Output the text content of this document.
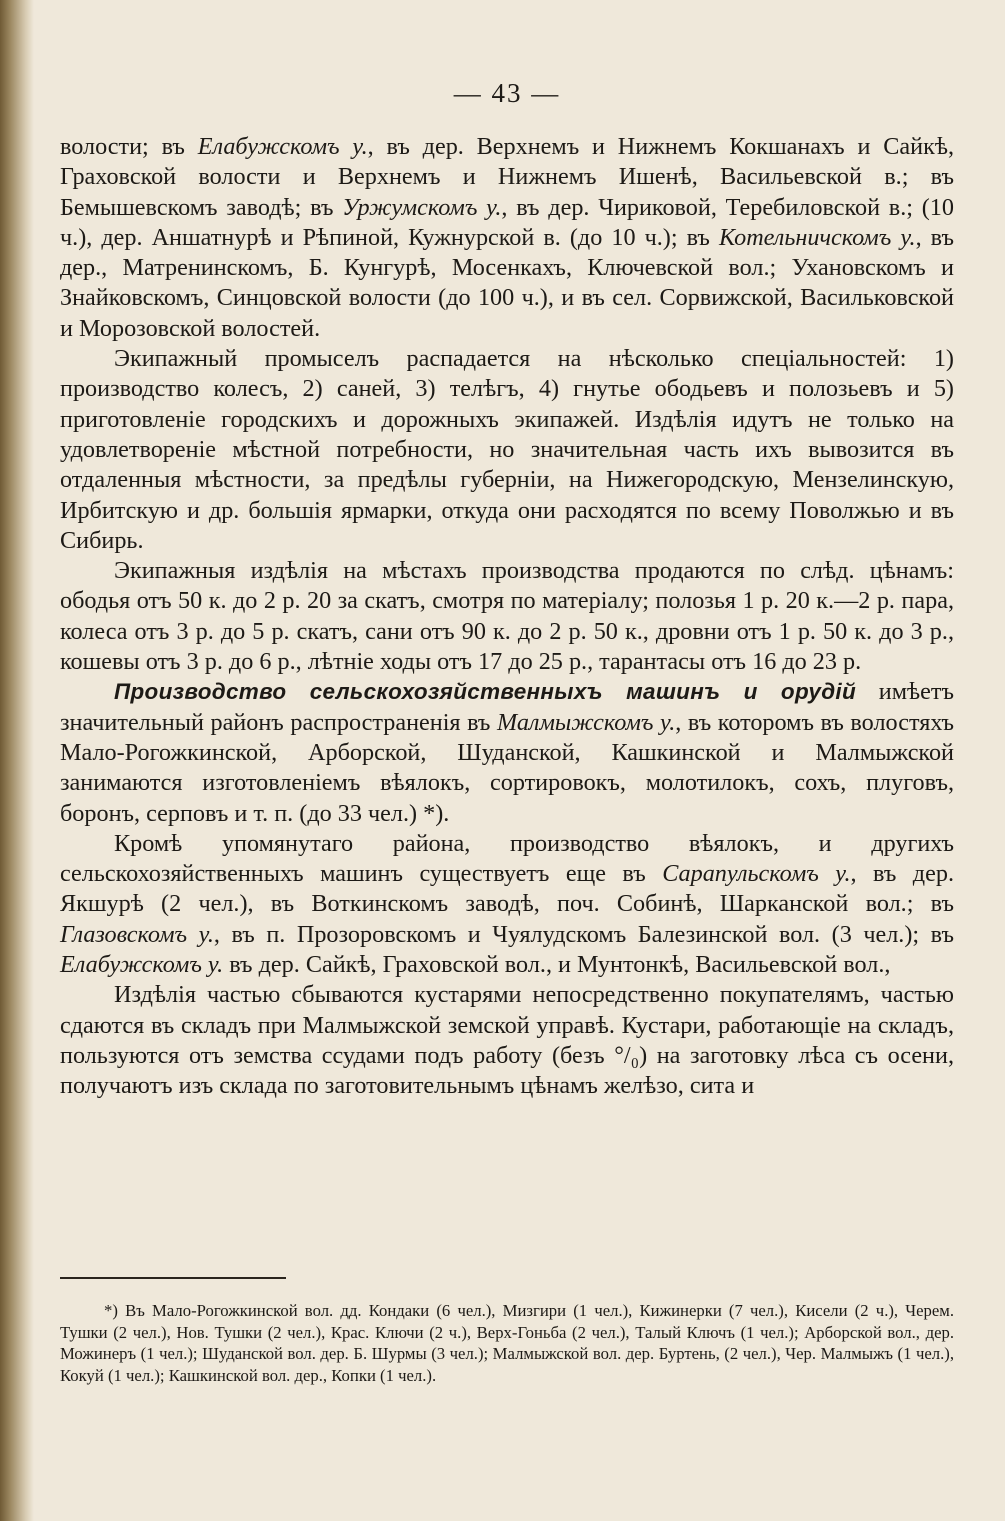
— 43 —

волости; въ Елабужскомъ у., въ дер. Верхнемъ и Нижнемъ Кокшанахъ и Сайкѣ, Граховской волости и Верхнемъ и Нижнемъ Ишенѣ, Васильевской в.; въ Бемышевскомъ заводѣ; въ Уржумскомъ у., въ дер. Чириковой, Теребиловской в.; (10 ч.), дер. Аншатнурѣ и Рѣпиной, Кужнурской в. (до 10 ч.); въ Котельничскомъ у., въ дер., Матренинскомъ, Б. Кунгурѣ, Мосенкахъ, Ключевской вол.; Ухановскомъ и Знайковскомъ, Синцовской волости (до 100 ч.), и въ сел. Сорвижской, Васильковской и Морозовской волостей.

Экипажный промыселъ распадается на нѣсколько спеціальностей: 1) производство колесъ, 2) саней, 3) телѣгъ, 4) гнутье ободьевъ и полозьевъ и 5) приготовленіе городскихъ и дорожныхъ экипажей. Издѣлія идутъ не только на удовлетвореніе мѣстной потребности, но значительная часть ихъ вывозится въ отдаленныя мѣстности, за предѣлы губерніи, на Нижегородскую, Мензелинскую, Ирбитскую и др. большія ярмарки, откуда они расходятся по всему Поволжью и въ Сибирь.

Экипажныя издѣлія на мѣстахъ производства продаются по слѣд. цѣнамъ: ободья отъ 50 к. до 2 р. 20 за скатъ, смотря по матеріалу; полозья 1 р. 20 к.—2 р. пара, колеса отъ 3 р. до 5 р. скатъ, сани отъ 90 к. до 2 р. 50 к., дровни отъ 1 р. 50 к. до 3 р., кошевы отъ 3 р. до 6 р., лѣтніе ходы отъ 17 до 25 р., тарантасы отъ 16 до 23 р.

Производство сельскохозяйственныхъ машинъ и орудій имѣетъ значительный районъ распространенія въ Малмыжскомъ у., въ которомъ въ волостяхъ Мало-Рогожкинской, Арборской, Шуданской, Кашкинской и Малмыжской занимаются изготовленіемъ вѣялокъ, сортировокъ, молотилокъ, сохъ, плуговъ, боронъ, серповъ и т. п. (до 33 чел.) *).

Кромѣ упомянутаго района, производство вѣялокъ, и другихъ сельскохозяйственныхъ машинъ существуетъ еще въ Сарапульскомъ у., въ дер. Якшурѣ (2 чел.), въ Воткинскомъ заводѣ, поч. Собинѣ, Шарканской вол.; въ Глазовскомъ у., въ п. Прозоровскомъ и Чуялудскомъ Балезинской вол. (3 чел.); въ Елабужскомъ у. въ дер. Сайкѣ, Граховской вол., и Мунтонкѣ, Васильевской вол.,

Издѣлія частью сбываются кустарями непосредственно покупателямъ, частью сдаются въ складъ при Малмыжской земской управѣ. Кустари, работающіе на складъ, пользуются отъ земства ссудами подъ работу (безъ °/₀) на заготовку лѣса съ осени, получаютъ изъ склада по заготовительнымъ цѣнамъ желѣзо, сита и

*) Въ Мало-Рогожкинской вол. дд. Кондаки (6 чел.), Мизгири (1 чел.), Кижинерки (7 чел.), Кисели (2 ч.), Черем. Тушки (2 чел.), Нов. Тушки (2 чел.), Крас. Ключи (2 ч.), Верх-Гоньба (2 чел.), Талый Ключъ (1 чел.); Арборской вол., дер. Можинеръ (1 чел.); Шуданской вол. дер. Б. Шурмы (3 чел.); Малмыжской вол. дер. Буртень, (2 чел.), Чер. Малмыжъ (1 чел.), Кокуй (1 чел.); Кашкинской вол. дер., Копки (1 чел.).
